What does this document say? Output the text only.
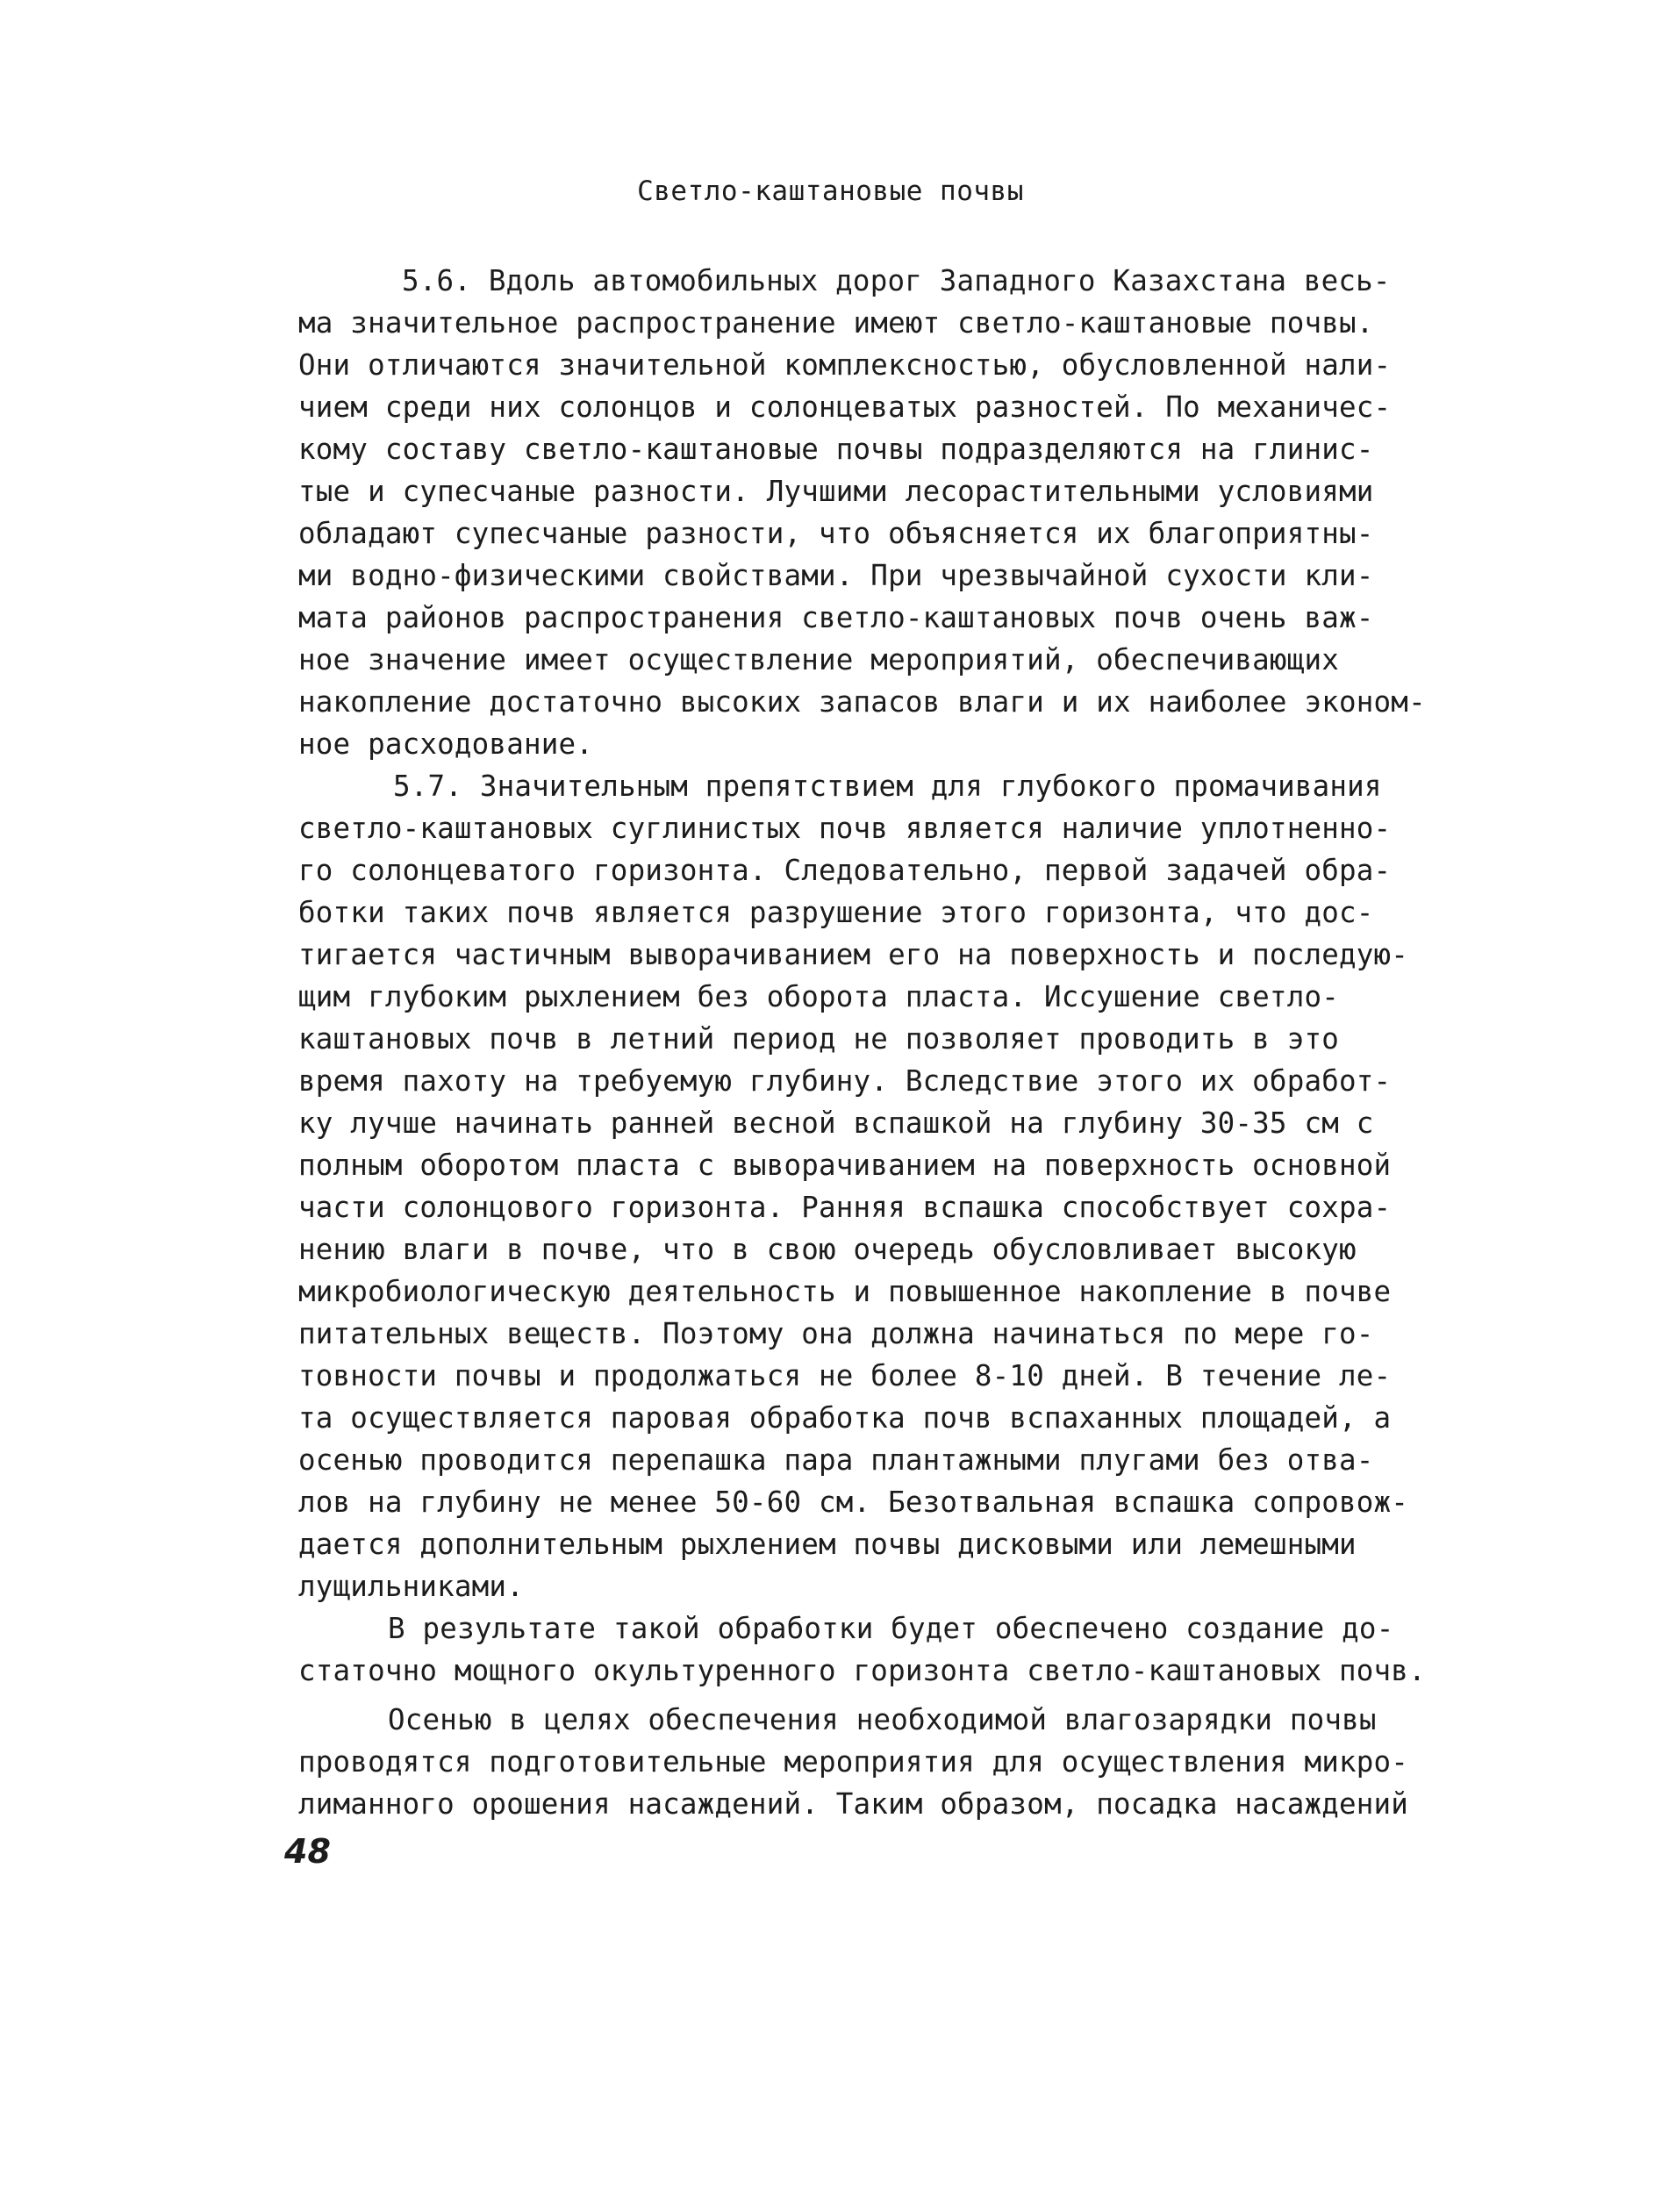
Светло-каштановые почвы
5.6. Вдоль автомобильных дорог Западного Казахстана весь-
ма значительное распространение имеют светло-каштановые почвы.
Они отличаются значительной комплексностью, обусловленной нали-
чием среди них солонцов и солонцеватых разностей. По механичес-
кому составу светло-каштановые почвы подразделяются на глинис-
тые и супесчаные разности. Лучшими лесорастительными условиями
обладают супесчаные разности, что объясняется их благоприятны-
ми водно-физическими свойствами. При чрезвычайной сухости кли-
мата районов распространения светло-каштановых почв очень важ-
ное значение имеет осуществление мероприятий, обеспечивающих
накопление достаточно высоких запасов влаги и их наиболее эконом-
ное расходование.
5.7. Значительным препятствием для глубокого промачивания
светло-каштановых суглинистых почв является наличие уплотненно-
го солонцеватого горизонта. Следовательно, первой задачей обра-
ботки таких почв является разрушение этого горизонта, что дос-
тигается частичным выворачиванием его на поверхность и последую-
щим глубоким рыхлением без оборота пласта. Иссушение светло-
каштановых почв в летний период не позволяет проводить в это
время пахоту на требуемую глубину. Вследствие этого их обработ-
ку лучше начинать ранней весной вспашкой на глубину 30-35 см с
полным оборотом пласта с выворачиванием на поверхность основной
части солонцового горизонта. Ранняя вспашка способствует сохра-
нению влаги в почве, что в свою очередь обусловливает высокую
микробиологическую деятельность и повышенное накопление в почве
питательных веществ. Поэтому она должна начинаться по мере го-
товности почвы и продолжаться не более 8-10 дней. В течение ле-
та осуществляется паровая обработка почв вспаханных площадей, а
осенью проводится перепашка пара плантажными плугами без отва-
лов на глубину не менее 50-60 см. Безотвальная вспашка сопровож-
дается дополнительным рыхлением почвы дисковыми или лемешными
лущильниками.
В результате такой обработки будет обеспечено создание до-
статочно мощного окультуренного горизонта светло-каштановых почв.
Осенью в целях обеспечения необходимой влагозарядки почвы
проводятся подготовительные мероприятия для осуществления микро-
лиманного орошения насаждений. Таким образом, посадка насаждений
48
